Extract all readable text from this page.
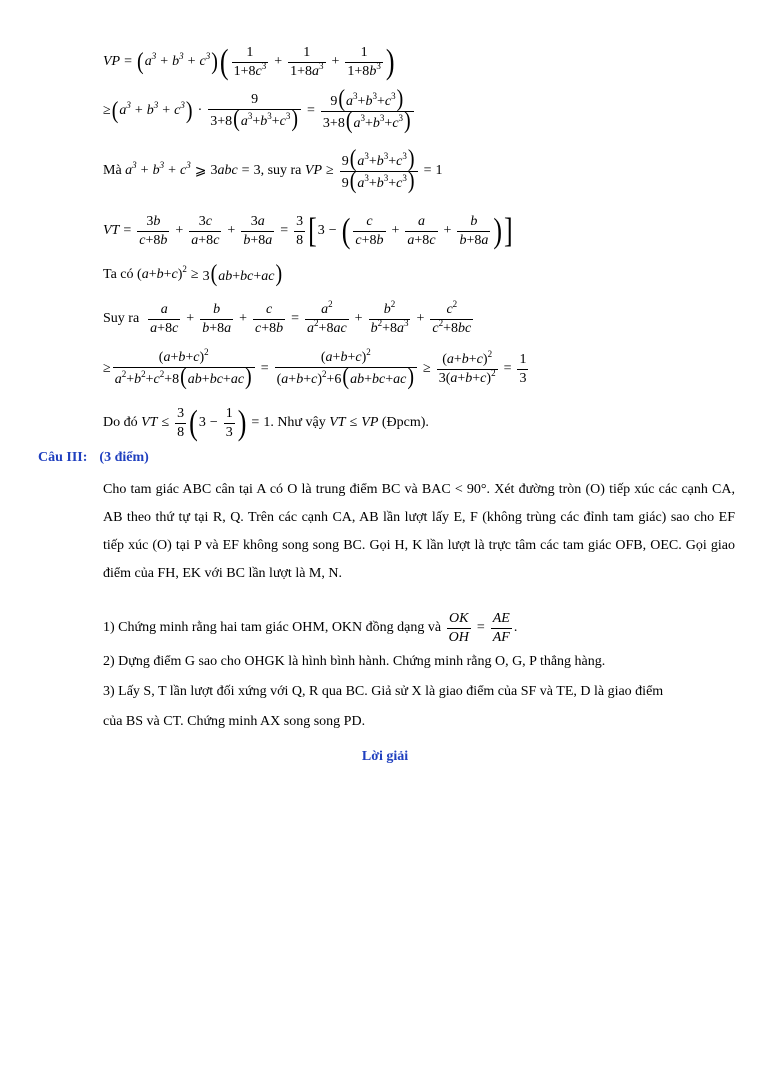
VP = ( $a^3 + b^3 + c^3$ ) ( $\frac{1}{1+8c^3} + \frac{1}{1+8a^3} + \frac{1}{1+8b^3}$ )
≥ ( $a^3 + b^3 + c^3$ ) · $\frac{9}{3+8(a^3+b^3+c^3)} = \frac{9(a^3+b^3+c^3)}{3+8(a^3+b^3+c^3)}$
Mà
$a^3 + b^3 + c^3$ ⩾ 3abc = 3 , suy ra
VP ≥ $\frac{9(a^3+b^3+c^3)}{9(a^3+b^3+c^3)} = 1$
VT = $\frac{3b}{c+8b} + \frac{3c}{a+8c} + \frac{3a}{b+8a} = \frac{3}{8}$ [ 3 − ( $\frac{c}{c+8b} + \frac{a}{a+8c} + \frac{b}{b+8a}$ ) ]
Ta có
$(a+b+c)^2 \ge 3(ab+bc+ac)$
Suy ra
$\frac{a}{a+8c} + \frac{b}{b+8a} + \frac{c}{c+8b} = \frac{a^2}{a^2+8ac} + \frac{b^2}{b^2+8a^3} + \frac{c^2}{c^2+8bc}$
≥ $\frac{(a+b+c)^2}{a^2+b^2+c^2+8(ab+bc+ac)} = \frac{(a+b+c)^2}{(a+b+c)^2+6(ab+bc+ac)} \ge \frac{(a+b+c)^2}{3(a+b+c)^2} = \frac{1}{3}$
Do đó
VT ≤ $\frac{3}{8}$ ( $3 - \frac{1}{3}$ ) = 1 . Như vậy
VT ≤ VP
(Đpcm).
Câu III: (3 điểm)
Cho tam giác ABC cân tại A có O là trung điểm BC và BAC < 90°. Xét đường tròn (O) tiếp xúc các cạnh CA, AB theo thứ tự tại R, Q. Trên các cạnh CA, AB lần lượt lấy E, F (không trùng các đỉnh tam giác) sao cho EF tiếp xúc (O) tại P và EF không song song BC. Gọi H, K lần lượt là trực tâm các tam giác OFB, OEC. Gọi giao điểm của FH, EK với BC lần lượt là M, N.
1) Chứng minh rằng hai tam giác OHM, OKN đồng dạng và
$\frac{OK}{OH} = \frac{AE}{AF}$ .
2) Dựng điểm G sao cho OHGK là hình bình hành. Chứng minh rằng O, G, P thẳng hàng.
3) Lấy S, T lần lượt đối xứng với Q, R qua BC. Giả sử X là giao điểm của SF và TE, D là giao điểm
của BS và CT. Chứng minh AX song song PD.
Lời giải
